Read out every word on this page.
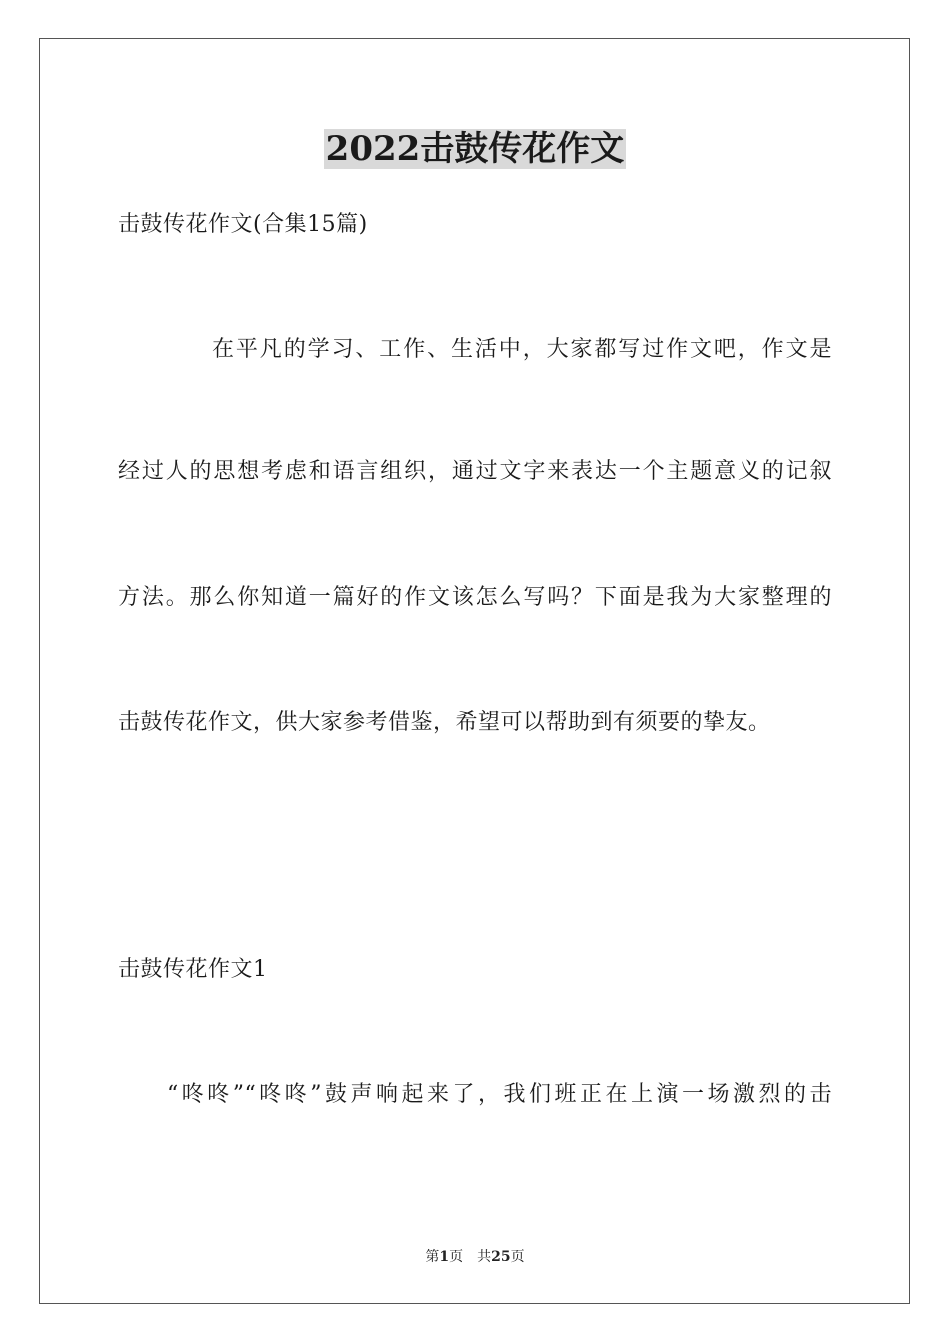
2022击鼓传花作文
击鼓传花作文(合集15篇)
在平凡的学习、工作、生活中，大家都写过作文吧，作文是
经过人的思想考虑和语言组织，通过文字来表达一个主题意义的记叙
方法。那么你知道一篇好的作文该怎么写吗？下面是我为大家整理的
击鼓传花作文，供大家参考借鉴，希望可以帮助到有须要的挚友。
击鼓传花作文1
“咚咚”“咚咚”鼓声响起来了，我们班正在上演一场激烈的击
第1页　共25页
